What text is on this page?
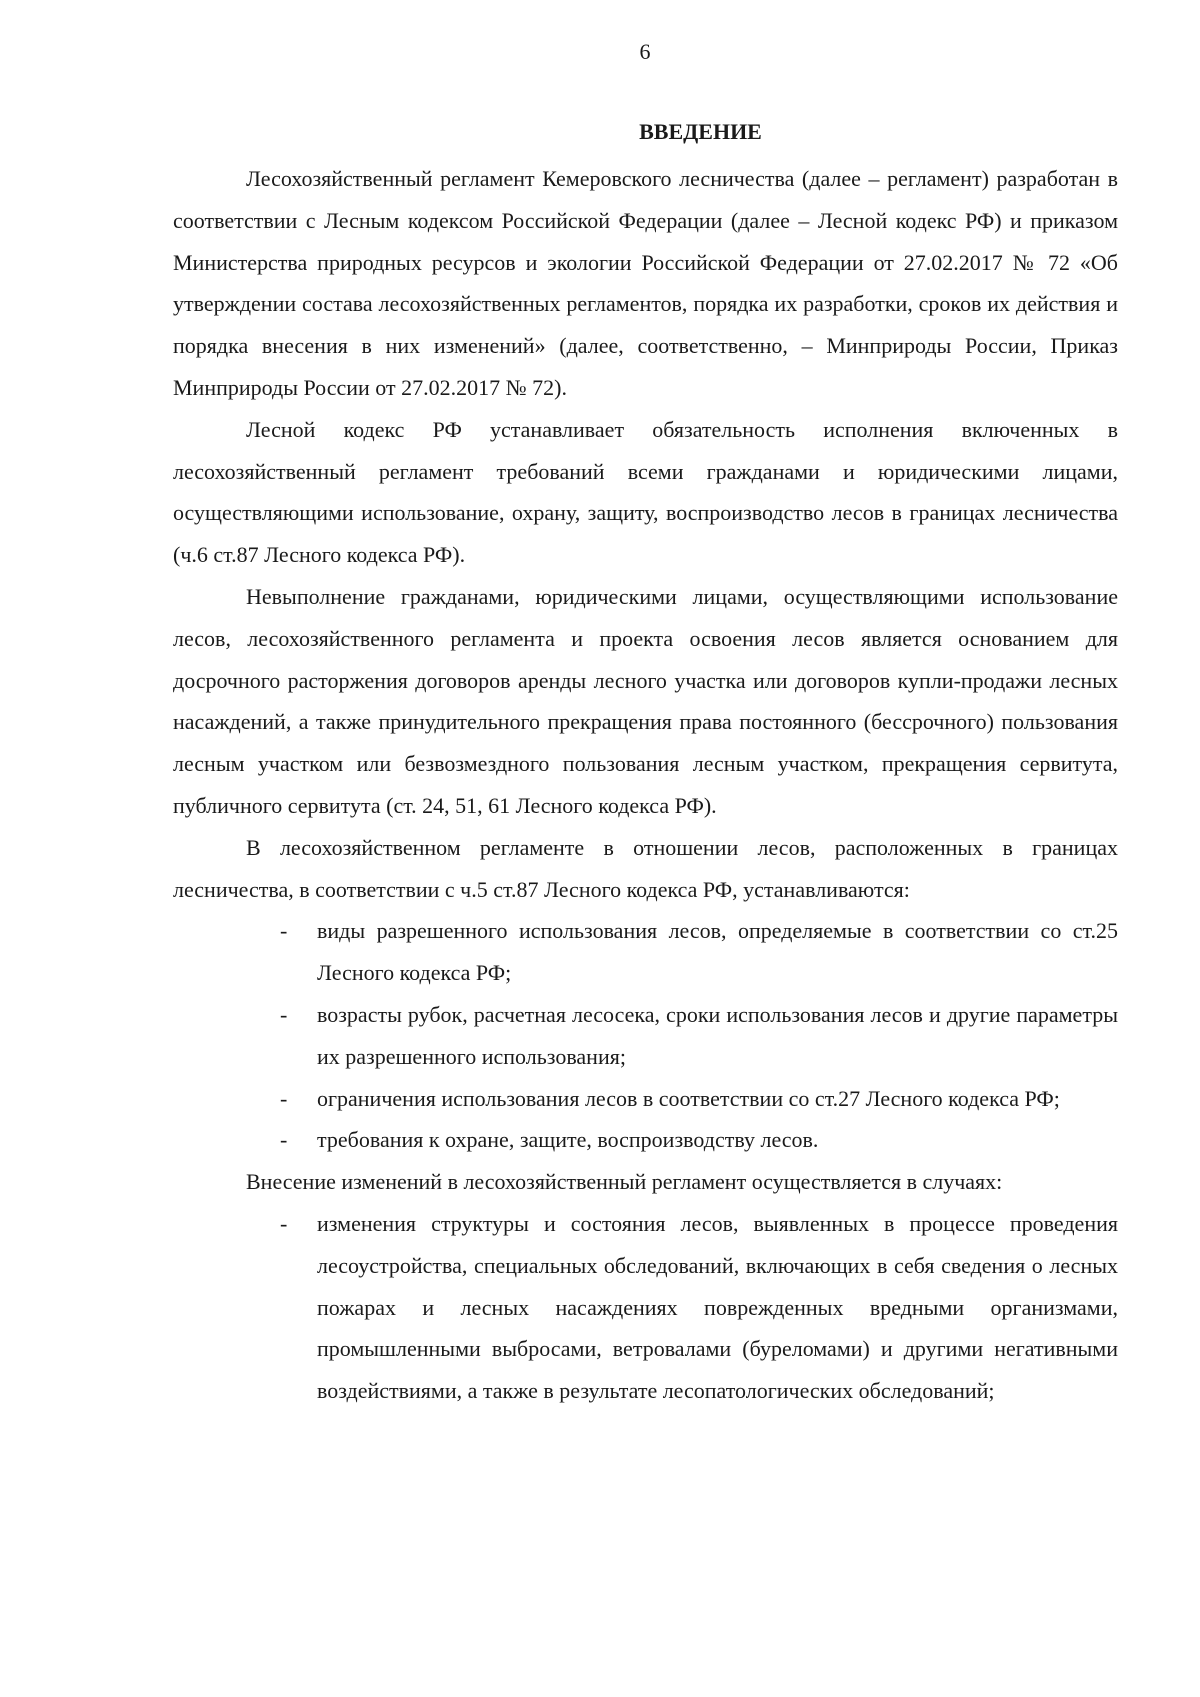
6
ВВЕДЕНИЕ

Лесохозяйственный регламент Кемеровского лесничества (далее – регламент) разработан в соответствии с Лесным кодексом Российской Федерации (далее – Лесной кодекс РФ) и приказом Министерства природных ресурсов и экологии Российской Федерации от 27.02.2017 № 72 «Об утверждении состава лесохозяйственных регламентов, порядка их разработки, сроков их действия и порядка внесения в них изменений» (далее, соответственно, – Минприроды России, Приказ Минприроды России от 27.02.2017 № 72).

Лесной кодекс РФ устанавливает обязательность исполнения включенных в лесохозяйственный регламент требований всеми гражданами и юридическими лицами, осуществляющими использование, охрану, защиту, воспроизводство лесов в границах лесничества (ч.6 ст.87 Лесного кодекса РФ).

Невыполнение гражданами, юридическими лицами, осуществляющими использование лесов, лесохозяйственного регламента и проекта освоения лесов является основанием для досрочного расторжения договоров аренды лесного участка или договоров купли-продажи лесных насаждений, а также принудительного прекращения права постоянного (бессрочного) пользования лесным участком или безвозмездного пользования лесным участком, прекращения сервитута, публичного сервитута (ст. 24, 51, 61 Лесного кодекса РФ).

В лесохозяйственном регламенте в отношении лесов, расположенных в границах лесничества, в соответствии с ч.5 ст.87 Лесного кодекса РФ, устанавливаются:

- виды разрешенного использования лесов, определяемые в соответствии со ст.25 Лесного кодекса РФ;
- возрасты рубок, расчетная лесосека, сроки использования лесов и другие параметры их разрешенного использования;
- ограничения использования лесов в соответствии со ст.27 Лесного кодекса РФ;
- требования к охране, защите, воспроизводству лесов.

Внесение изменений в лесохозяйственный регламент осуществляется в случаях:

- изменения структуры и состояния лесов, выявленных в процессе проведения лесоустройства, специальных обследований, включающих в себя сведения о лесных пожарах и лесных насаждениях поврежденных вредными организмами, промышленными выбросами, ветровалами (буреломами) и другими негативными воздействиями, а также в результате лесопатологических обследований;
